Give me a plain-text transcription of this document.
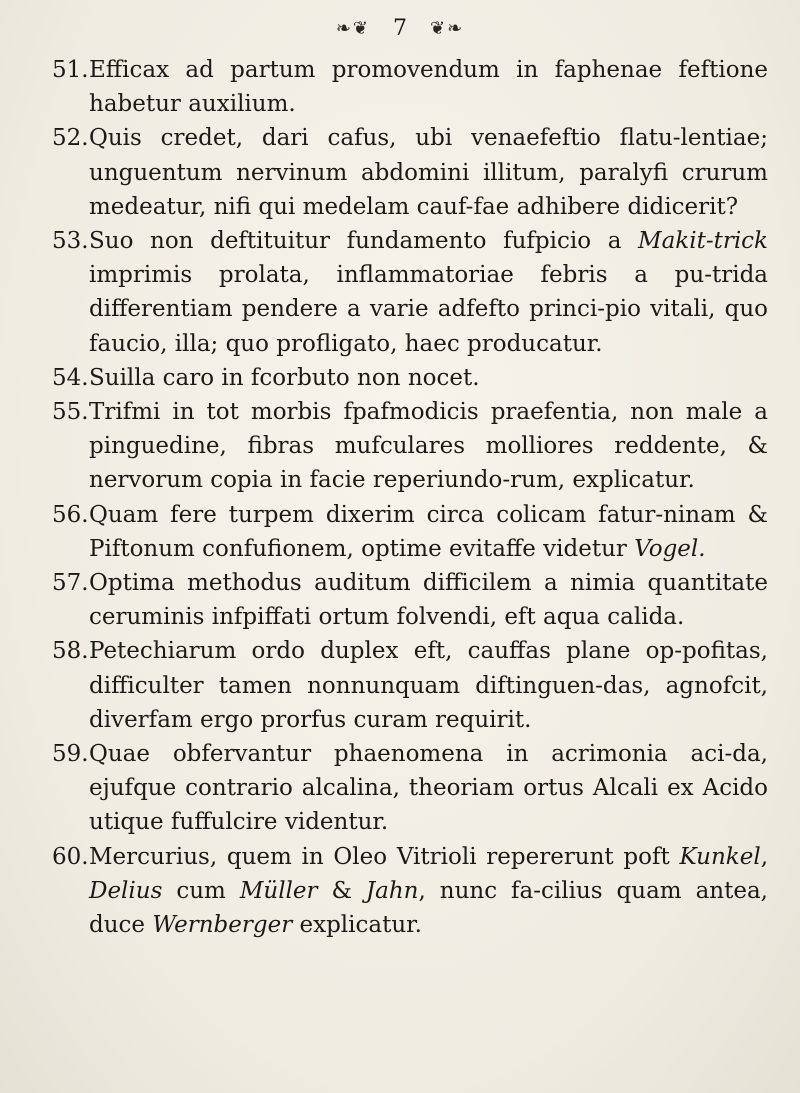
❧❦ 7 ❦❧

51. Efficax ad partum promovendum in faphenae feftione habetur auxilium.

52. Quis credet, dari cafus, ubi venaefeftio flatu-lentiae; unguentum nervinum abdomini illitum, paralyfi crurum medeatur, nifi qui medelam cauf-fae adhibere didicerit?

53. Suo non deftituitur fundamento fufpicio a Makit-trick imprimis prolata, inflammatoriae febris a pu-trida differentiam pendere a varie adfefto princi-pio vitali, quo faucio, illa; quo profligato, haec producatur.

54. Suilla caro in fcorbuto non nocet.

55. Trifmi in tot morbis fpafmodicis praefentia, non male a pinguedine, fibras mufculares molliores reddente, & nervorum copia in facie reperiundo-rum, explicatur.

56. Quam fere turpem dixerim circa colicam fatur-ninam & Piftonum confufionem, optime evitaffe videtur Vogel.

57. Optima methodus auditum difficilem a nimia quantitate ceruminis infpiffati ortum folvendi, eft aqua calida.

58. Petechiarum ordo duplex eft, cauffas plane op-pofitas, difficulter tamen nonnunquam diftinguen-das, agnofcit, diverfam ergo prorfus curam requirit.

59. Quae obfervantur phaenomena in acrimonia aci-da, ejufque contrario alcalina, theoriam ortus Alcali ex Acido utique fuffulcire videntur.

60. Mercurius, quem in Oleo Vitrioli repererunt poft Kunkel, Delius cum Müller & Jahn, nunc fa-cilius quam antea, duce Wernberger explicatur.
